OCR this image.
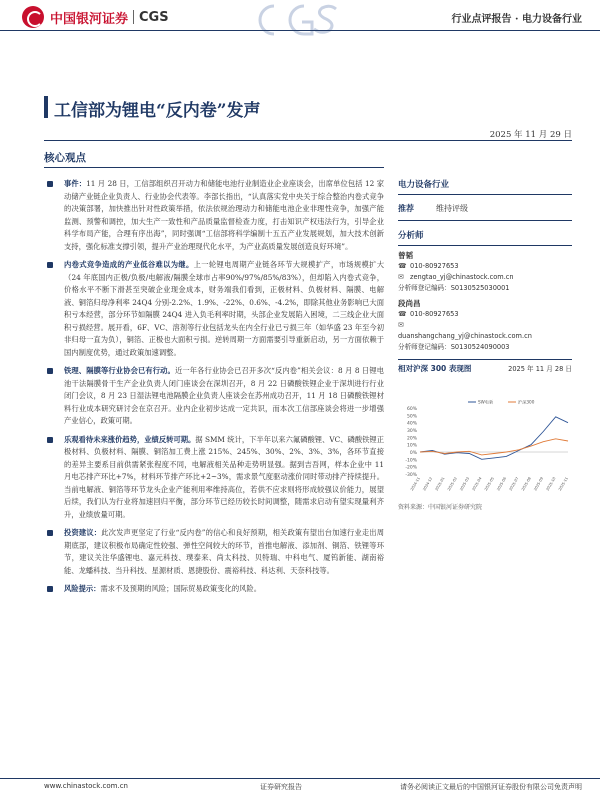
中国银河证券 CGS	行业点评报告 · 电力设备行业
工信部为锂电“反内卷”发声
2025 年 11 月 29 日
核心观点
事件：11 月 28 日，工信部组织召开动力和储能电池行业制造业企业座谈会，出席单位包括 12 家动储产业链企业负责人、行业协会代表等。李部长指出，“认真落实党中央关于综合整治内卷式竞争的决策部署，加快推出针对性政策举措，依法依规治理动力和储能电池企业非理性竞争，加强产能监测、预警和调控，加大生产一致性和产品质量监督检查力度，打击知识产权违法行为，引导企业科学布局产能，合理有序出海”，同时强调“工信部将科学编制十五五产业发展规划，加大技术创新支持，强化标准支撑引领，提升产业治理现代化水平，为产业高质量发展创造良好环境”。
内卷式竞争造成的产业低谷难以为继。上一轮锂电周期产业链各环节大规模扩产，市场规模扩大（24 年底国内正极/负极/电解液/隔膜全球市占率90%/97%/85%/83%），但却陷入内卷式竞争，价格水平不断下滑甚至突破企业现金成本，财务端我们看到，正极材料、负极材料、隔膜、电解液、铜箔归母净利率 24Q4 分别-2.2%、1.9%、-22%、0.6%、-4.2%，即除其他业务影响已大面积亏本经营，部分环节如隔膜 24Q4 进入负毛利率时期，头部企业发展陷入困境，二三线企业大面积亏损经营。展开看，6F、VC、溶剂等行业包括龙头在内全行业已亏损三年（如华盛 23 年至今初非归母一直为负），铜箔、正极也大面积亏损。逆转周期一方面需要引导重新启动，另一方面依赖于国内制度优势，通过政策加速调整。
铁理、隔膜等行业协会已有行动。近一年各行业协会已召开多次“反内卷”相关会议：8 月 8 日锂电池干法隔膜骨干生产企业负责人闭门座谈会在深圳召开，8 月 22 日磷酸铁锂企业于深圳进行行业闭门会议，8 月 23 日湿法锂电池隔膜企业负责人座谈会在苏州成功召开，11 月 18 日磷酸铁锂材料行业成本研究研讨会在京召开。业内企业初步达成一定共识，而本次工信部座谈会将进一步增强产业信心，政策可期。
乐观看待未来涨价趋势，业绩反转可期。据 SMM 统计，下半年以来六氟磷酸锂、VC、磷酸铁锂正极材料、负极材料、隔膜、铜箔加工费上涨 215%、245%、30%、2%、3%、3%，各环节直接的差异主要系目前供需紧张程度不同，电解液相关品种走势明显强。据到吉吾网，样本企业中 11 月电芯排产环比+7%，材料环节排产环比+2~3%，需求景气度驱动涨价同时带动排产持续提升。当前电解液、铜箔等环节龙头企业产能利用率维持高位，若供不应求则将形成较强议价能力，展望后续，我们认为行业将加速回归平衡，部分环节已经历较长时间调整，随需求启动有望实现量利齐升，业绩放量可期。
投资建议：此次发声更坚定了行业“反内卷”的信心和良好预期，相关政策有望出台加速行业走出周期底部，建议积极布局确定性较强、弹性空间较大的环节，首推电解液、添加剂、铜箔、铁锂等环节，建议关注华盛锂电、嘉元科技、璞泰来、尚太科技、贝特瑞、中科电气、厦钨新能、湖南裕能、龙蟠科技、当升科技、星源材质、恩捷股份、震裕科技、科达利、天奈科技等。
风险提示：需求不及预期的风险；国际贸易政策变化的风险。
电力设备行业
推荐	维持评级
分析师
曾韬
☎ 010-80927653
✉ zengtao_yj@chinastock.com.cn
分析师登记编码：S0130525030001
段尚昌
☎ 010-80927653
✉
duanshangchang_yj@chinastock.com.cn
分析师登记编码：S0130524090003
相对沪深 300 表现图	2025 年 11 月 28 日
60%
50%
40%
30%
20%
10%
0%
-10%
-20%
-30%
2024-11 2024-12 2025-01 2025-02 2025-03 2025-04 2025-05 2025-06 2025-07 2025-08 2025-09 2025-10 2025-11
SW电新	沪深300
资料来源：中国银河证券研究院
www.chinastock.com.cn	证券研究报告	请务必阅读正文最后的中国银河证券股份有限公司免责声明
